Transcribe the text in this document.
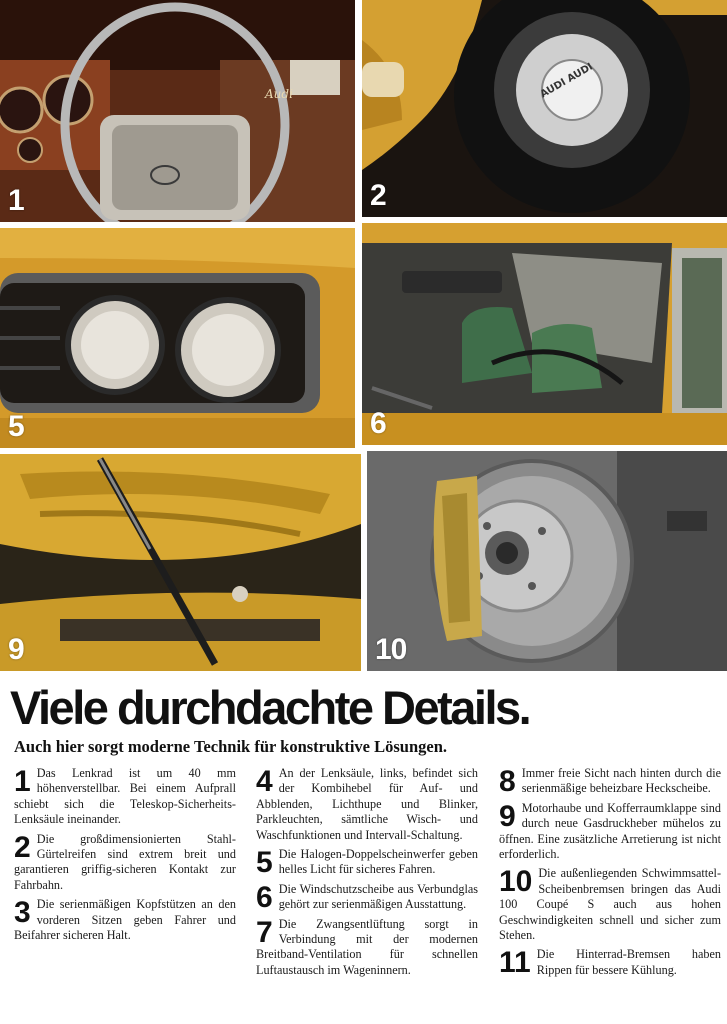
Audi
1
AUDI AUDI
2
5	6
9	10
Viele durchdachte Details.
Auch hier sorgt moderne Technik für konstruktive Lösungen.

1 Das Lenkrad ist um 40 mm höhenverstellbar. Bei einem Aufprall schiebt sich die Teleskop-Sicherheits-Lenksäule ineinander.

2 Die großdimensionierten Stahl-Gürtelreifen sind extrem breit und garantieren griffig-sicheren Kontakt zur Fahrbahn.

3 Die serienmäßigen Kopfstützen an den vorderen Sitzen geben Fahrer und Beifahrer sicheren Halt.

4 An der Lenksäule, links, befindet sich der Kombihebel für Auf- und Abblenden, Lichthupe und Blinker, Parkleuchten, sämtliche Wisch- und Waschfunktionen und Intervall-Schaltung.

5 Die Halogen-Doppelscheinwerfer geben helles Licht für sicheres Fahren.

6 Die Windschutzscheibe aus Verbundglas gehört zur serienmäßigen Ausstattung.

7 Die Zwangsentlüftung sorgt in Verbindung mit der modernen Breitband-Ventilation für schnellen Luftaustausch im Wageninnern.

8 Immer freie Sicht nach hinten durch die serienmäßige beheizbare Heckscheibe.

9 Motorhaube und Kofferraumklappe sind durch neue Gasdruckheber mühelos zu öffnen. Eine zusätzliche Arretierung ist nicht erforderlich.

10 Die außenliegenden Schwimmsattel-Scheibenbremsen bringen das Audi 100 Coupé S auch aus hohen Geschwindigkeiten schnell und sicher zum Stehen.

11 Die Hinterrad-Bremsen haben Rippen für bessere Kühlung.
